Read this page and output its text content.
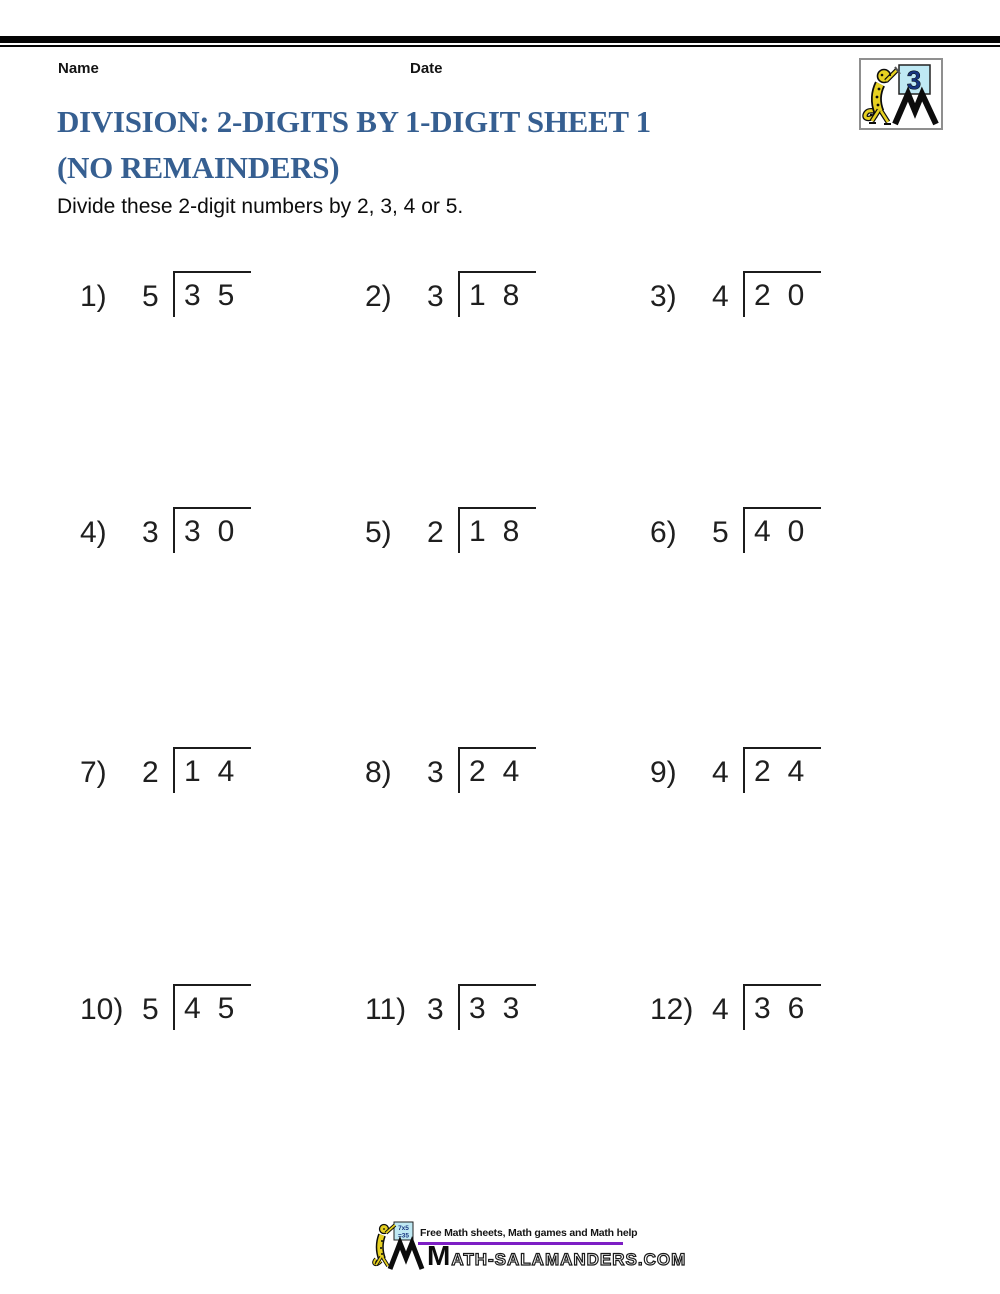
Name	Date	3
DIVISION: 2-DIGITS BY 1-DIGIT SHEET 1
(NO REMAINDERS)
Divide these 2-digit numbers by 2, 3, 4 or 5.
1)	5 35	2)	3 18	3)	4 20
4)	3 30	5)	2 18	6)	5 40
7)	2 14	8)	3 24	9)	4 24
10) 5 45	11) 3 33	12) 4 36
7x5
=35 Free Math sheets, Math games and Math help
M ATH-SALAMANDERS.COM
